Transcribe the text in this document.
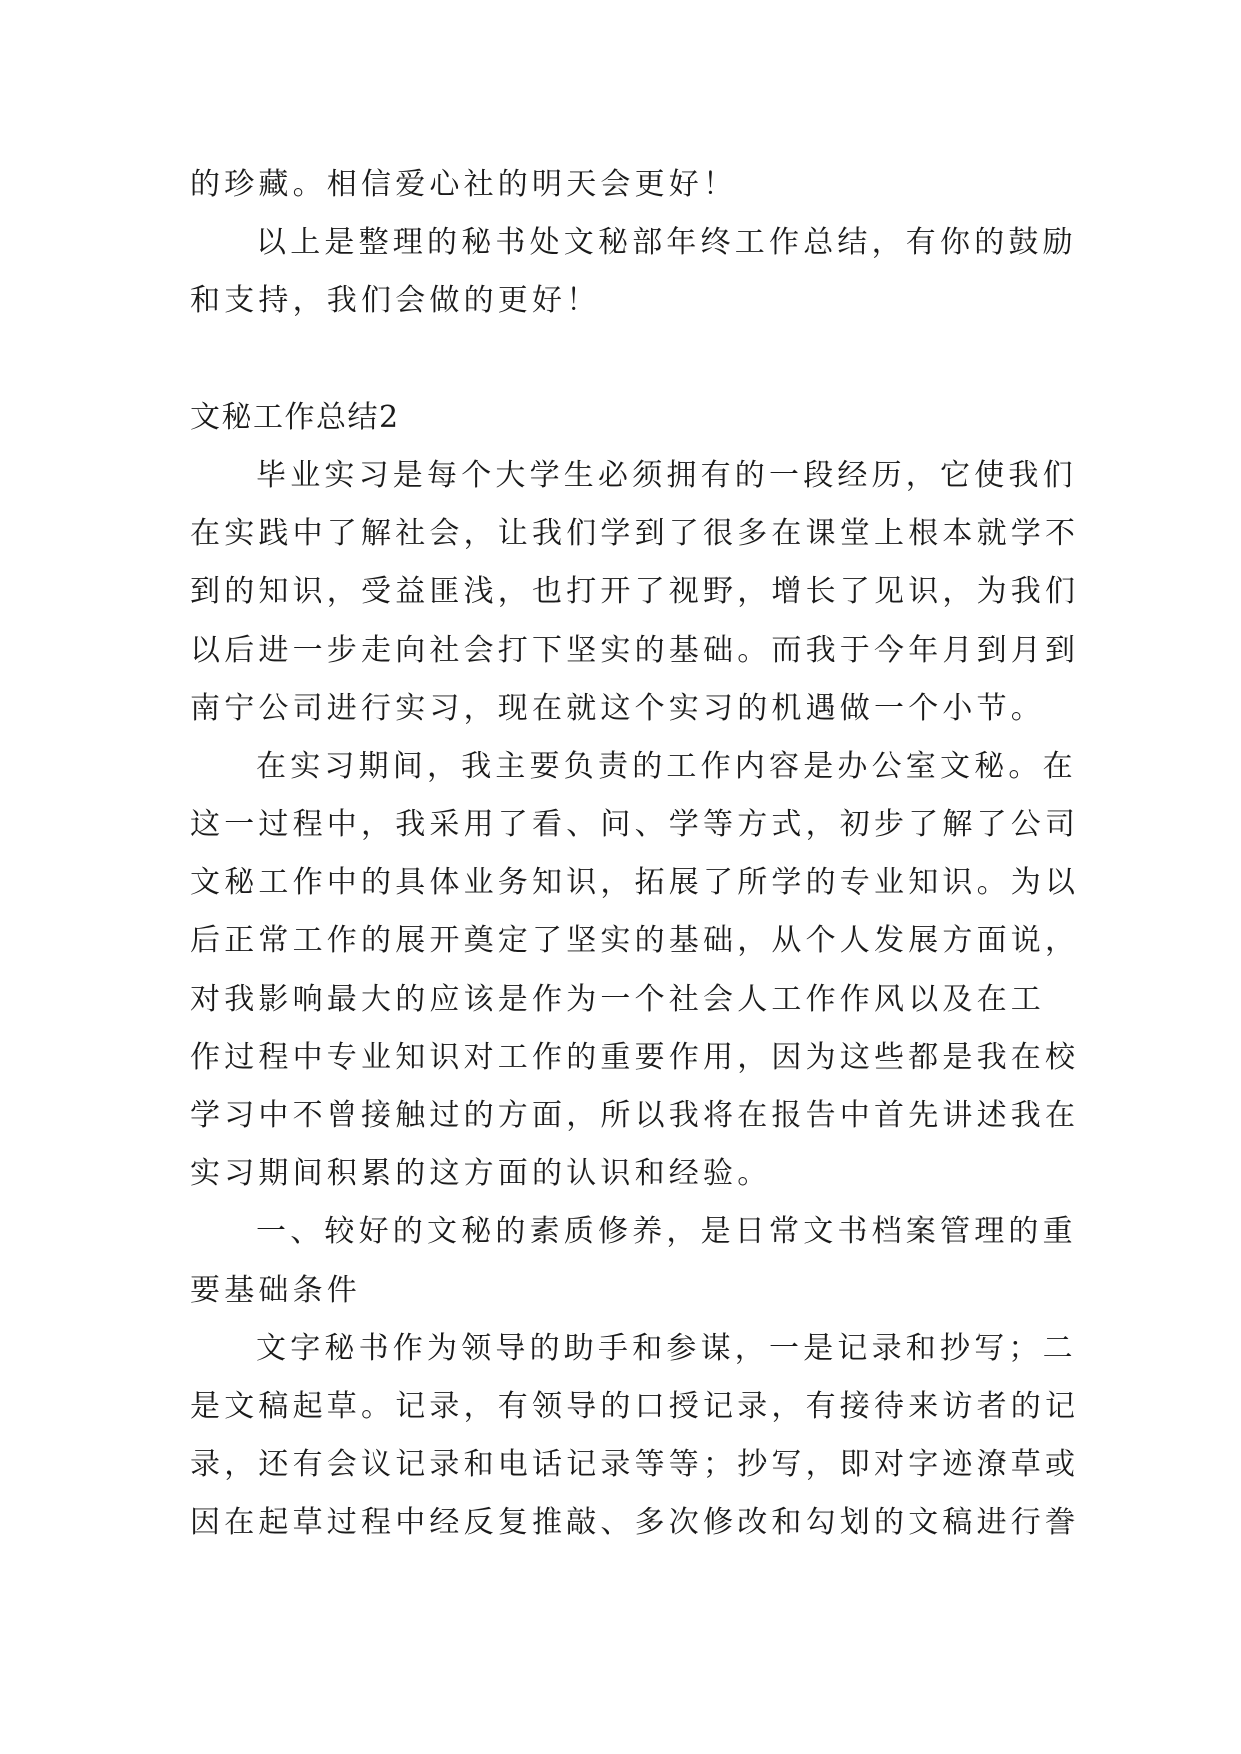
的珍藏。相信爱心社的明天会更好！
以上是整理的秘书处文秘部年终工作总结，有你的鼓励
和支持，我们会做的更好！
文秘工作总结2
毕业实习是每个大学生必须拥有的一段经历，它使我们
在实践中了解社会，让我们学到了很多在课堂上根本就学不
到的知识，受益匪浅，也打开了视野，增长了见识，为我们
以后进一步走向社会打下坚实的基础。而我于今年月到月到
南宁公司进行实习，现在就这个实习的机遇做一个小节。
在实习期间，我主要负责的工作内容是办公室文秘。在
这一过程中，我采用了看、问、学等方式，初步了解了公司
文秘工作中的具体业务知识，拓展了所学的专业知识。为以
后正常工作的展开奠定了坚实的基础，从个人发展方面说，
对我影响最大的应该是作为一个社会人工作作风以及在工
作过程中专业知识对工作的重要作用，因为这些都是我在校
学习中不曾接触过的方面，所以我将在报告中首先讲述我在
实习期间积累的这方面的认识和经验。
一、较好的文秘的素质修养，是日常文书档案管理的重
要基础条件
文字秘书作为领导的助手和参谋，一是记录和抄写；二
是文稿起草。记录，有领导的口授记录，有接待来访者的记
录，还有会议记录和电话记录等等；抄写，即对字迹潦草或
因在起草过程中经反复推敲、多次修改和勾划的文稿进行誊
